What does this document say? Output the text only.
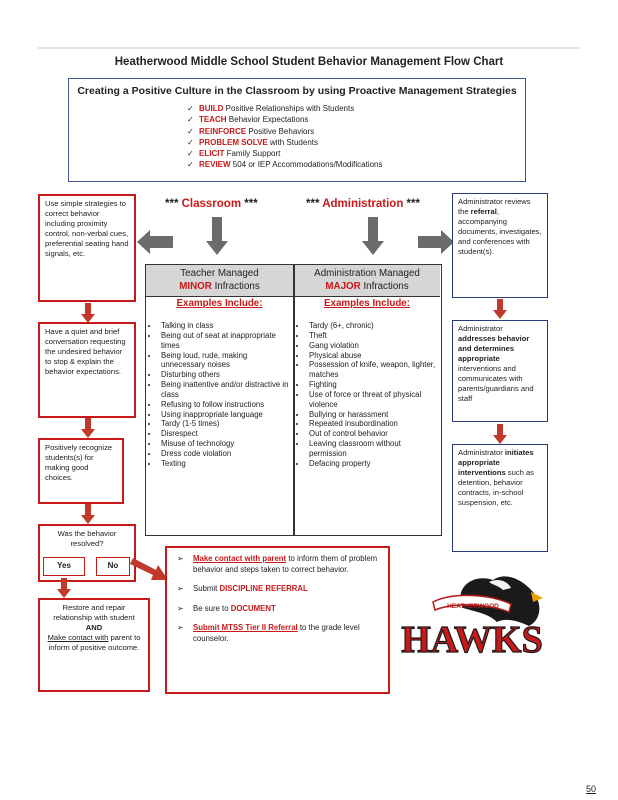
Heatherwood Middle School Student Behavior Management Flow Chart
Creating a Positive Culture in the Classroom by using Proactive Management Strategies
✓ BUILD Positive Relationships with Students
✓ TEACH Behavior Expectations
✓ REINFORCE Positive Behaviors
✓ PROBLEM SOLVE with Students
✓ ELICIT Family Support
✓ REVIEW 504 or IEP Accommodations/Modifications
*** Classroom ***	*** Administration ***
Use simple strategies to correct behavior including proximity control, non-verbal cues, preferential seating hand signals, etc.
Have a quiet and brief conversation requesting the undesired behavior to stop & explain the behavior expectations.
Positively recognize students(s) for making good choices.
Was the behavior resolved?
Yes	No
Restore and repair relationship with student
AND
Make contact with parent to inform of positive outcome.
Teacher Managed
MINOR Infractions
Administration Managed
MAJOR Infractions
Examples Include:	Examples Include:
• Talking in class
• Being out of seat at inappropriate times
• Being loud, rude, making unnecessary noises
• Disturbing others
• Being inattentive and/or distractive in class
• Refusing to follow instructions
• Using inappropriate language
• Tardy (1-5 times)
• Disrespect
• Misuse of technology
• Dress code violation
• Texting
• Tardy (6+, chronic)
• Theft
• Gang violation
• Physical abuse
• Possession of knife, weapon, lighter, matches
• Fighting
• Use of force or threat of physical violence
• Bullying or harassment
• Repeated insubordination
• Out of control behavior
• Leaving classroom without permission
• Defacing property
Administrator reviews the referral, accompanying documents, investigates, and conferences with student(s).
Administrator addresses behavior and determines appropriate interventions and communicates with parents/guardians and staff
Administrator initiates appropriate interventions such as detention, behavior contracts, in-school suspension, etc.
➢ Make contact with parent to inform them of problem behavior and steps taken to correct behavior.
➢ Submit DISCIPLINE REFERRAL
➢ Be sure to DOCUMENT
➢ Submit MTSS Tier II Referral to the grade level counselor.
HEATHERWOOD
HAWKS
50
